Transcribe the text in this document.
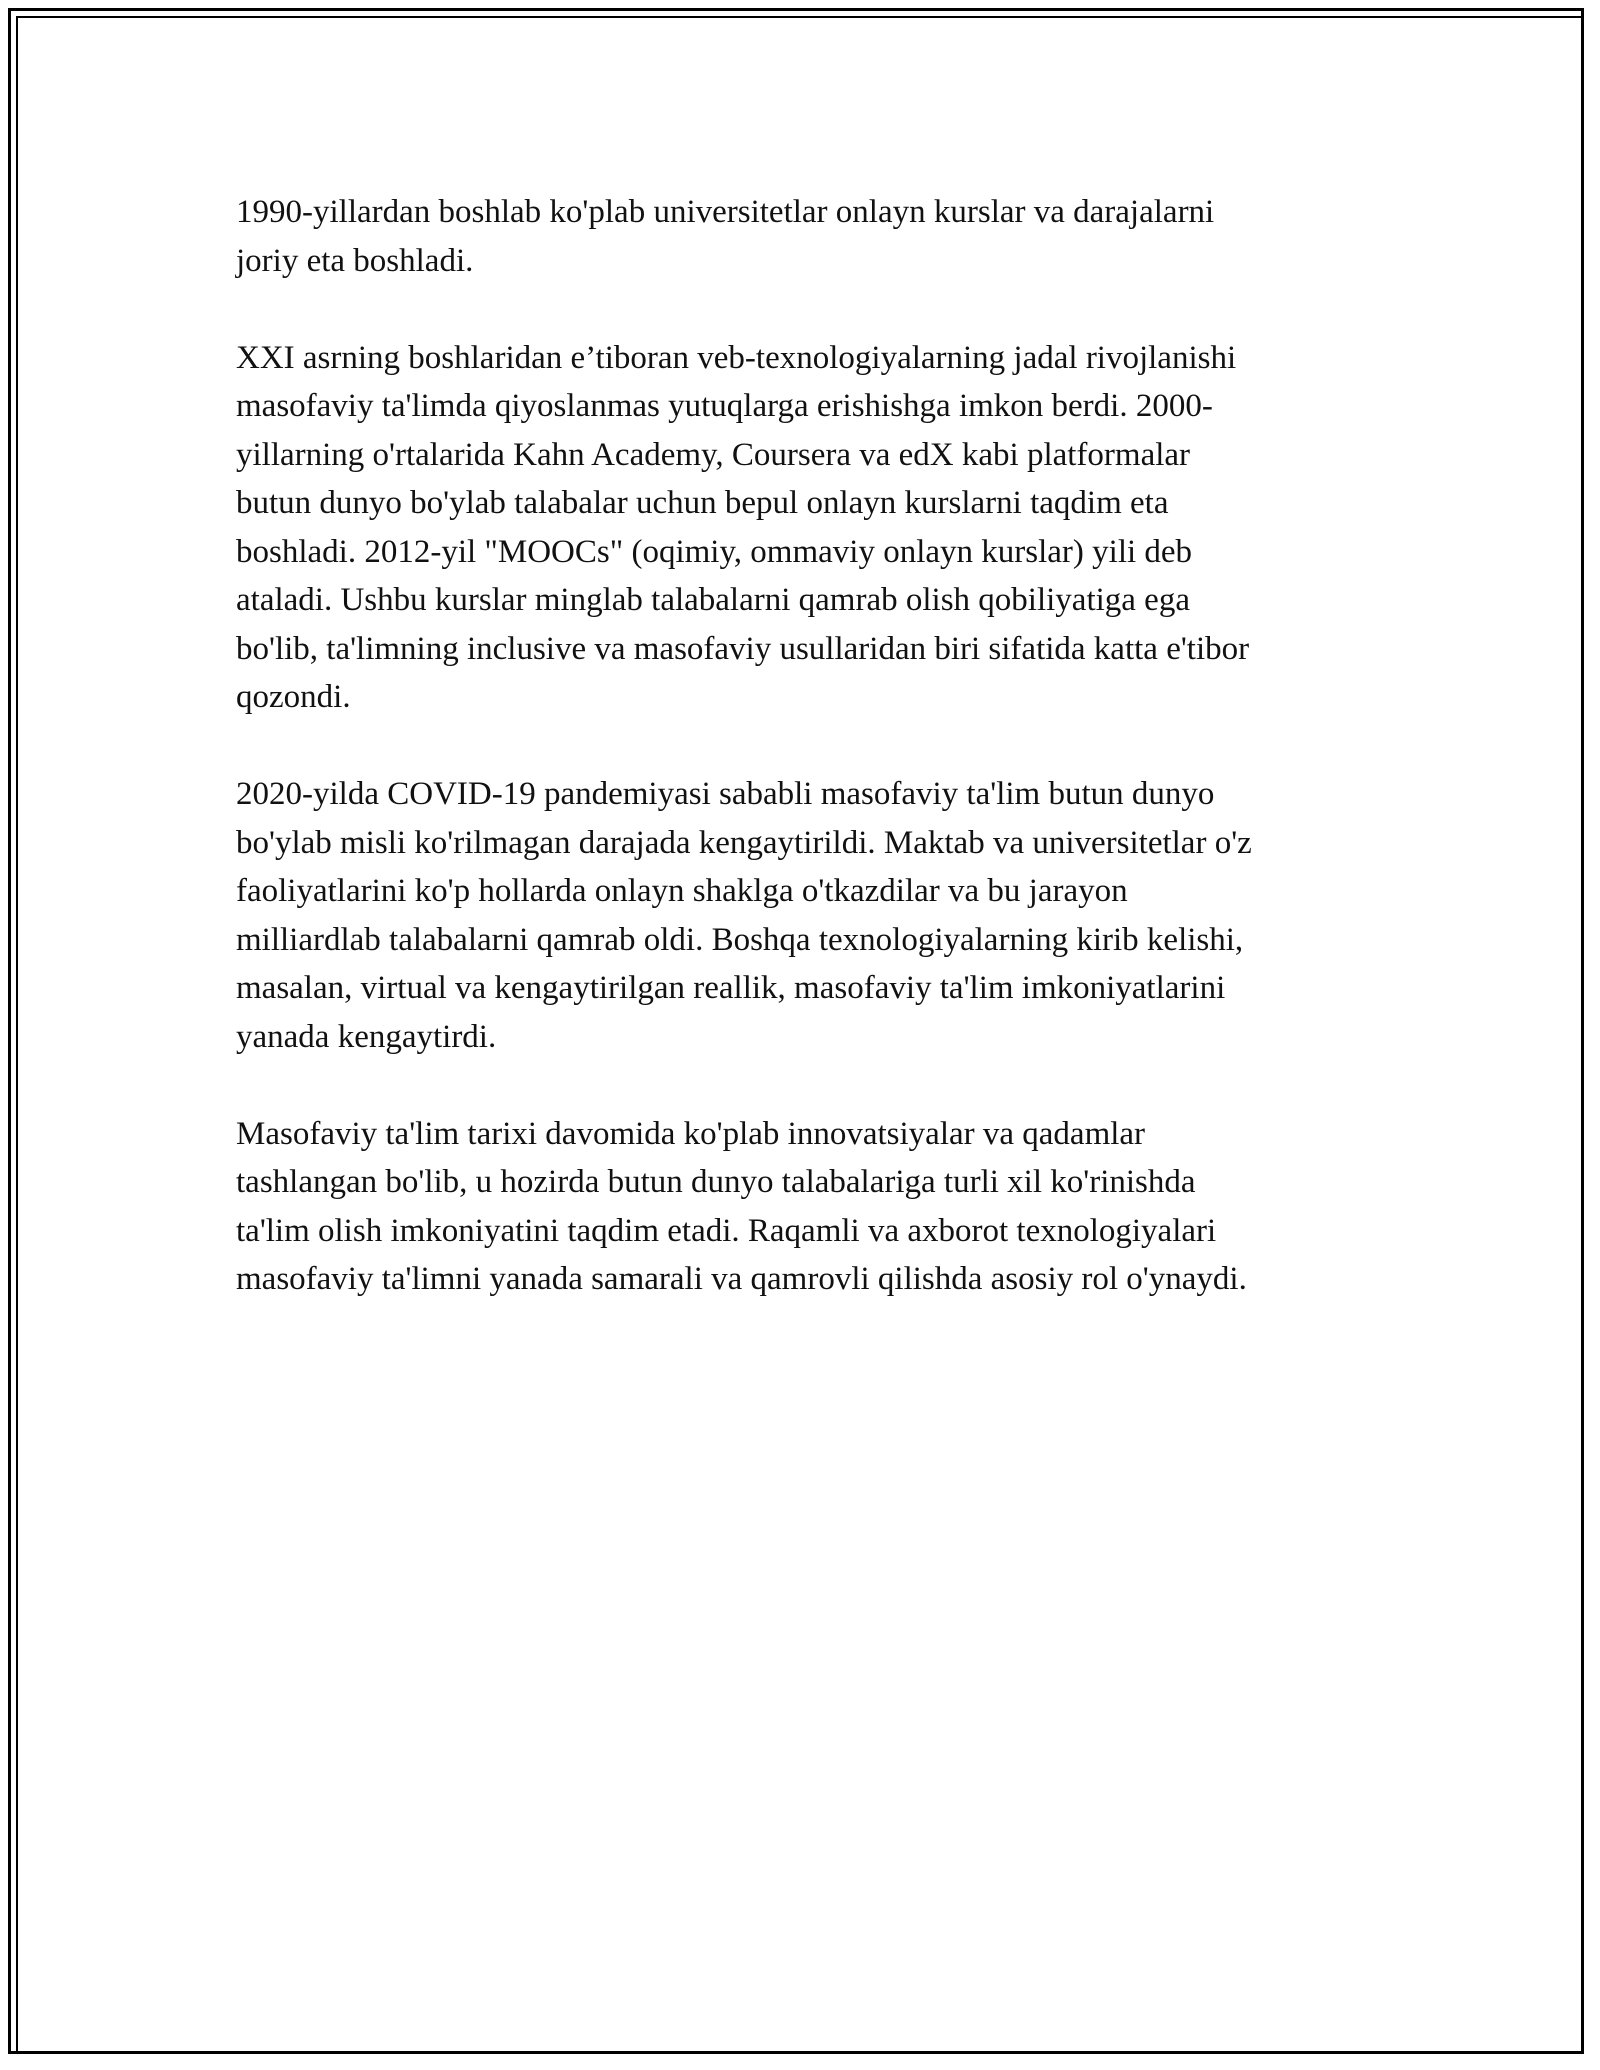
1990-yillardan boshlab ko'plab universitetlar onlayn kurslar va darajalarni
joriy eta boshladi.

XXI asrning boshlaridan e’tiboran veb-texnologiyalarning jadal rivojlanishi
masofaviy ta'limda qiyoslanmas yutuqlarga erishishga imkon berdi. 2000-
yillarning o'rtalarida Kahn Academy, Coursera va edX kabi platformalar
butun dunyo bo'ylab talabalar uchun bepul onlayn kurslarni taqdim eta
boshladi. 2012-yil "MOOCs" (oqimiy, ommaviy onlayn kurslar) yili deb
ataladi. Ushbu kurslar minglab talabalarni qamrab olish qobiliyatiga ega
bo'lib, ta'limning inclusive va masofaviy usullaridan biri sifatida katta e'tibor
qozondi.

2020-yilda COVID-19 pandemiyasi sababli masofaviy ta'lim butun dunyo
bo'ylab misli ko'rilmagan darajada kengaytirildi. Maktab va universitetlar o'z
faoliyatlarini ko'p hollarda onlayn shaklga o'tkazdilar va bu jarayon
milliardlab talabalarni qamrab oldi. Boshqa texnologiyalarning kirib kelishi,
masalan, virtual va kengaytirilgan reallik, masofaviy ta'lim imkoniyatlarini
yanada kengaytirdi.

Masofaviy ta'lim tarixi davomida ko'plab innovatsiyalar va qadamlar
tashlangan bo'lib, u hozirda butun dunyo talabalariga turli xil ko'rinishda
ta'lim olish imkoniyatini taqdim etadi. Raqamli va axborot texnologiyalari
masofaviy ta'limni yanada samarali va qamrovli qilishda asosiy rol o'ynaydi.
